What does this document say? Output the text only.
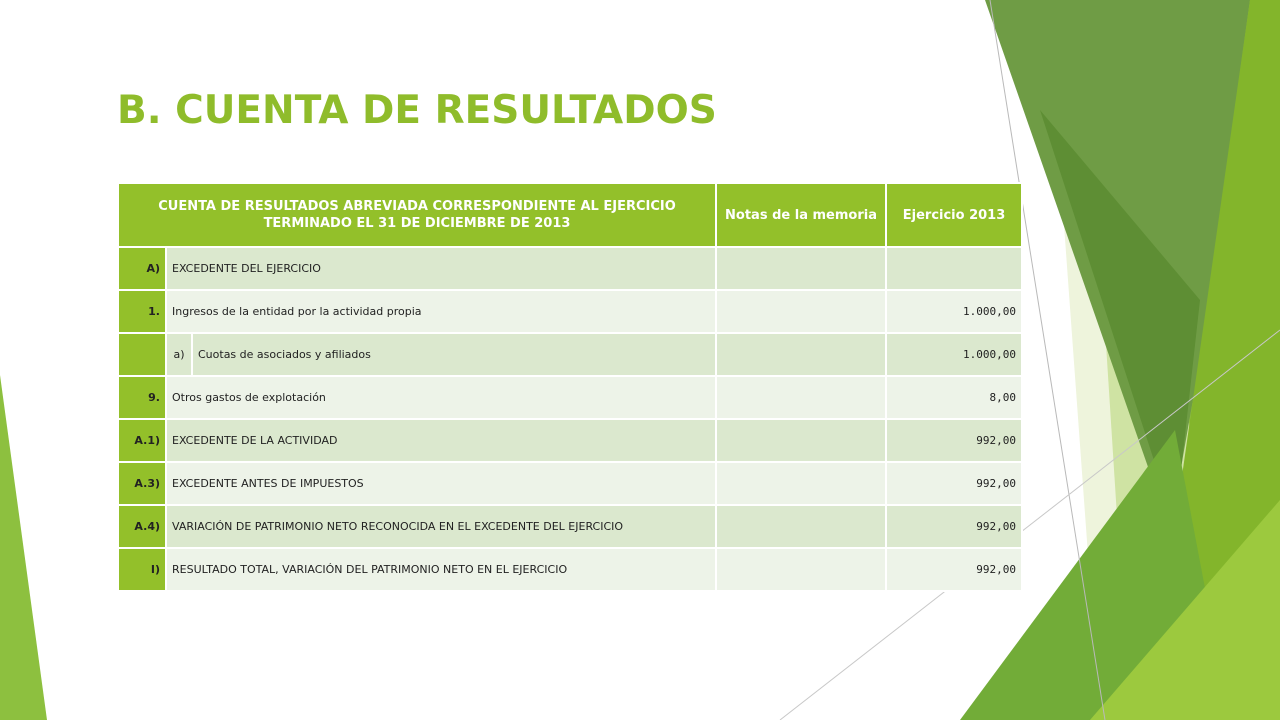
B. CUENTA DE RESULTADOS
CUENTA DE RESULTADOS ABREVIADA CORRESPONDIENTE AL EJERCICIO TERMINADO EL 31 DE DICIEMBRE DE 2013			Notas de la memoria	Ejercicio 2013
A)	EXCEDENTE DEL EJERCICIO			
1.	Ingresos de la entidad por la actividad propia			1.000,00
	a)	Cuotas de asociados y afiliados		1.000,00
9.	Otros gastos de explotación			8,00
A.1)	EXCEDENTE DE LA ACTIVIDAD			992,00
A.3)	EXCEDENTE ANTES DE IMPUESTOS			992,00
A.4)	VARIACIÓN DE PATRIMONIO NETO RECONOCIDA EN EL EXCEDENTE DEL EJERCICIO			992,00
I)	RESULTADO TOTAL, VARIACIÓN DEL PATRIMONIO NETO EN EL EJERCICIO			992,00
